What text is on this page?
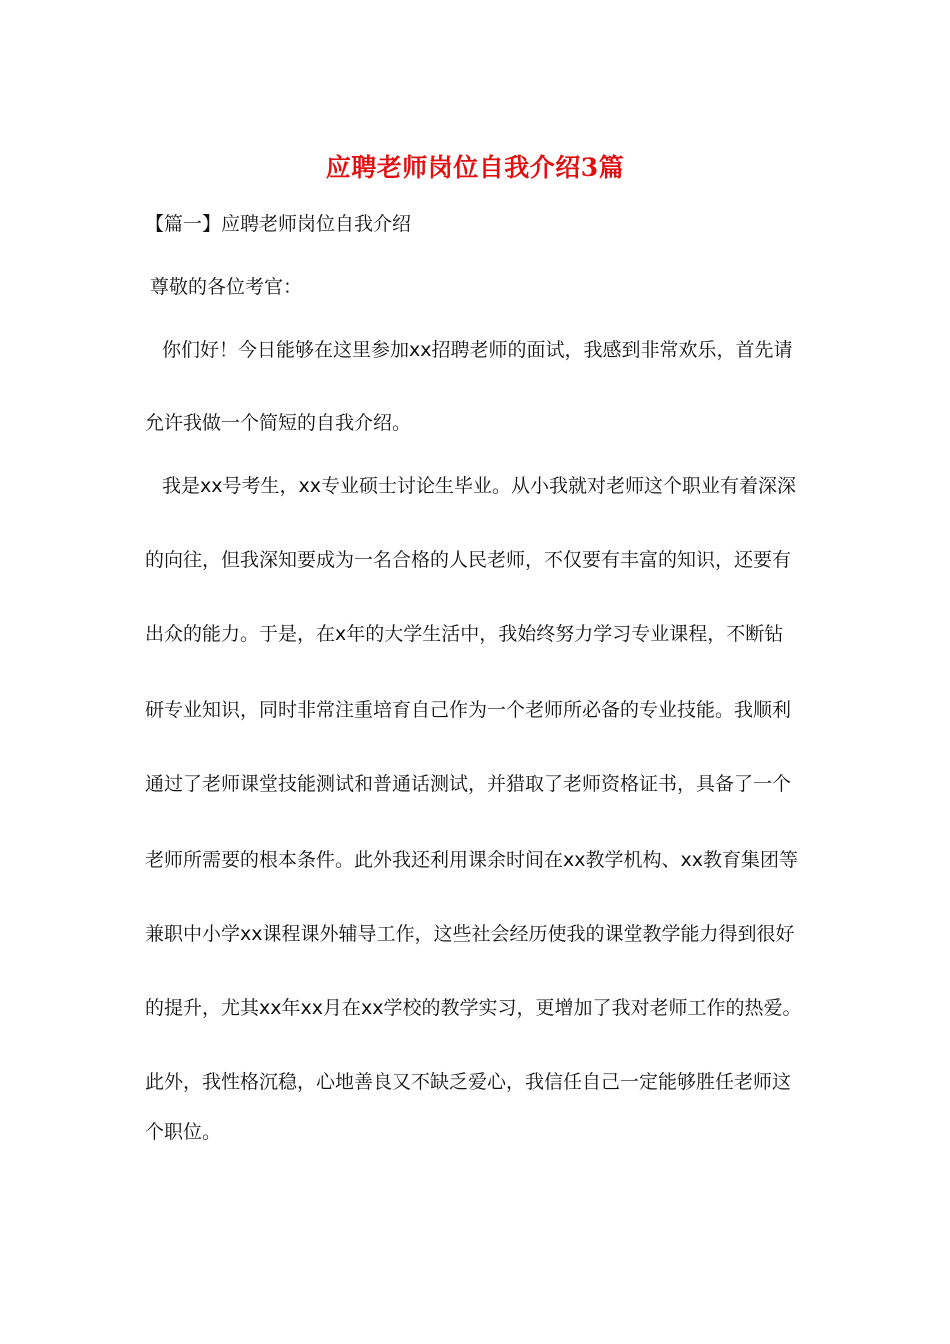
应聘老师岗位自我介绍3篇
【篇一】应聘老师岗位自我介绍
尊敬的各位考官：
你们好！今日能够在这里参加xx招聘老师的面试，我感到非常欢乐，首先请
允许我做一个简短的自我介绍。
我是xx号考生，xx专业硕士讨论生毕业。从小我就对老师这个职业有着深深
的向往，但我深知要成为一名合格的人民老师，不仅要有丰富的知识，还要有
出众的能力。于是，在x年的大学生活中，我始终努力学习专业课程，不断钻
研专业知识，同时非常注重培育自己作为一个老师所必备的专业技能。我顺利
通过了老师课堂技能测试和普通话测试，并猎取了老师资格证书，具备了一个
老师所需要的根本条件。此外我还利用课余时间在xx教学机构、xx教育集团等
兼职中小学xx课程课外辅导工作，这些社会经历使我的课堂教学能力得到很好
的提升，尤其xx年xx月在xx学校的教学实习，更增加了我对老师工作的热爱。
此外，我性格沉稳，心地善良又不缺乏爱心，我信任自己一定能够胜任老师这
个职位。
